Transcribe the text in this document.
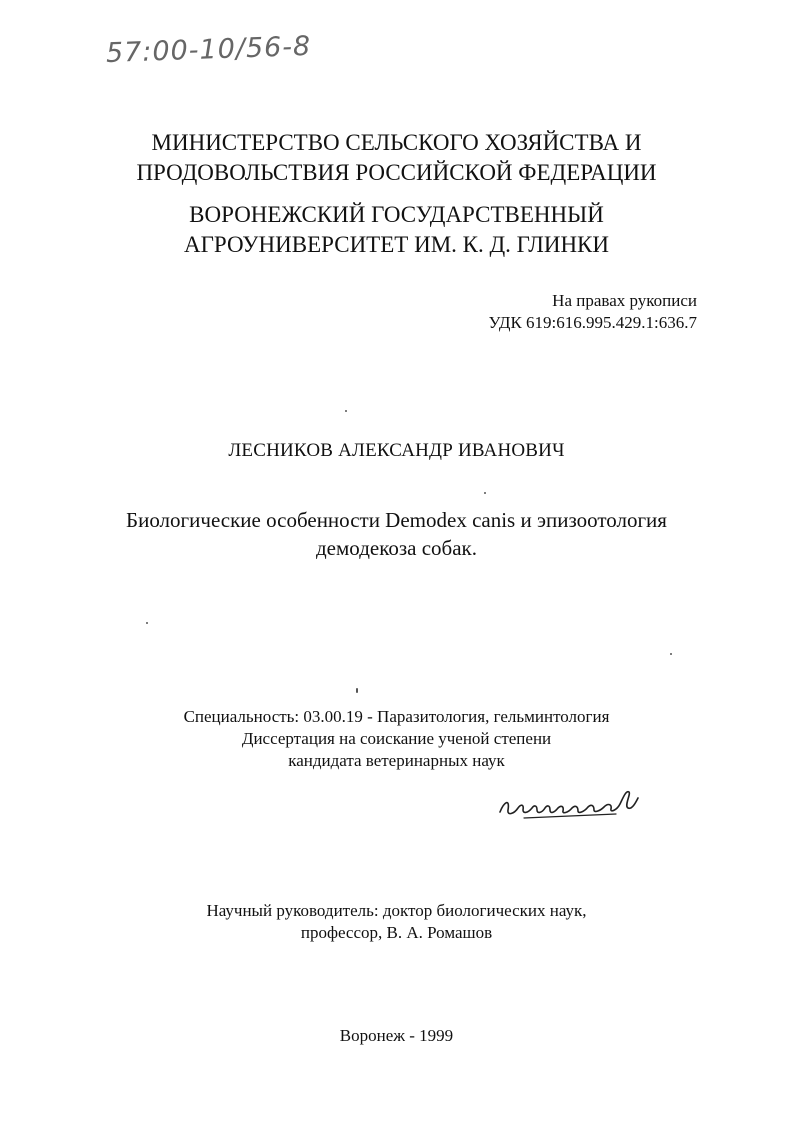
57:00-10/56-8
МИНИСТЕРСТВО СЕЛЬСКОГО ХОЗЯЙСТВА И
ПРОДОВОЛЬСТВИЯ РОССИЙСКОЙ ФЕДЕРАЦИИ
ВОРОНЕЖСКИЙ ГОСУДАРСТВЕННЫЙ
АГРОУНИВЕРСИТЕТ ИМ. К. Д. ГЛИНКИ
На правах рукописи
УДК 619:616.995.429.1:636.7
ЛЕСНИКОВ АЛЕКСАНДР ИВАНОВИЧ
Биологические особенности Demodex canis и эпизоотология
демодекоза собак.
Специальность: 03.00.19 - Паразитология, гельминтология
Диссертация на соискание ученой степени
кандидата ветеринарных наук
Научный руководитель: доктор биологических наук,
профессор, В. А. Ромашов
Воронеж - 1999
